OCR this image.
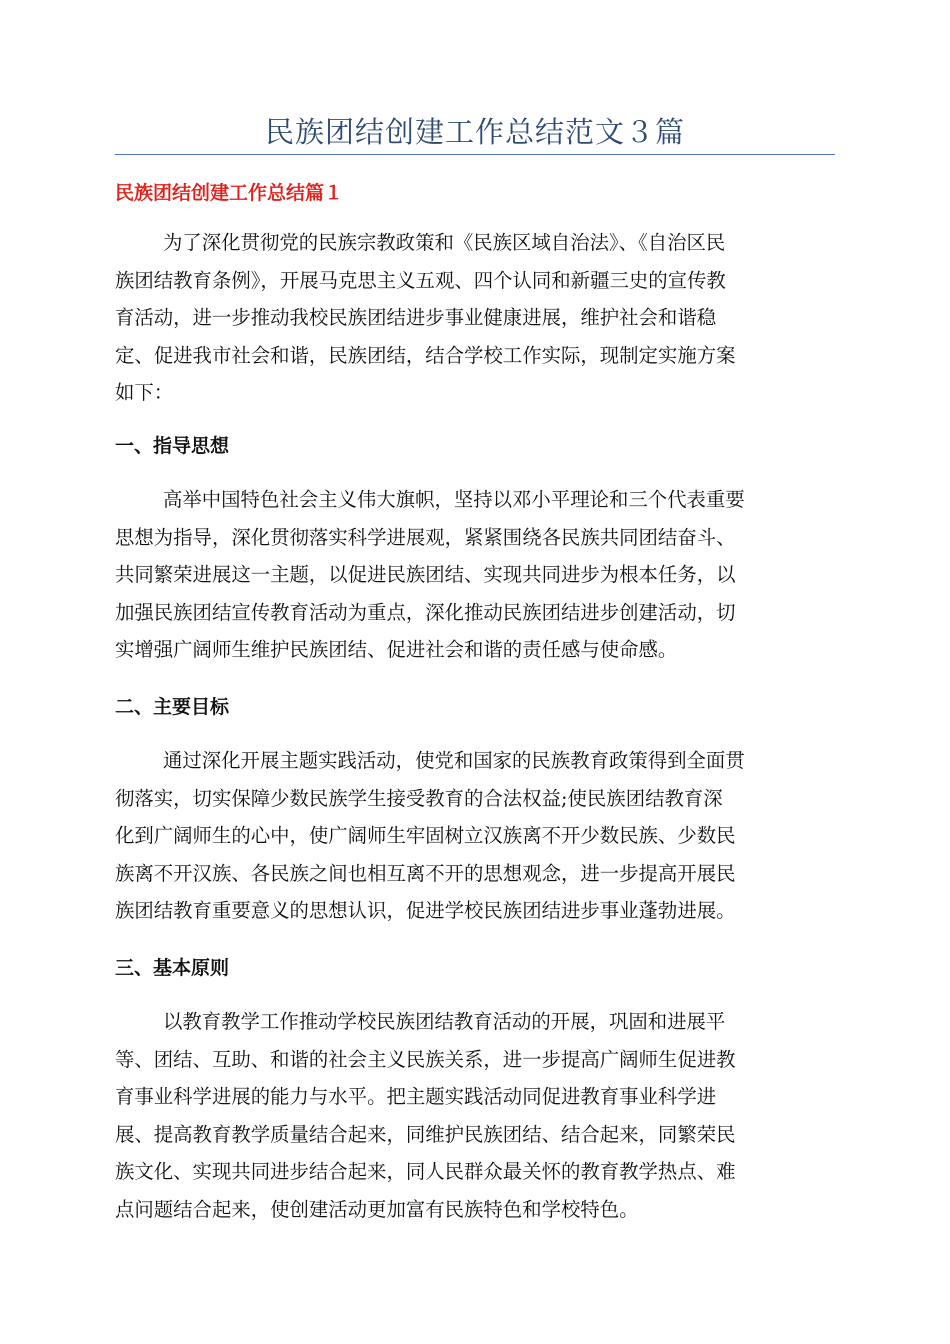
民族团结创建工作总结范文３篇
民族团结创建工作总结篇１
为了深化贯彻党的民族宗教政策和《民族区域自治法》、《自治区民
族团结教育条例》，开展马克思主义五观、四个认同和新疆三史的宣传教
育活动，进一步推动我校民族团结进步事业健康进展，维护社会和谐稳
定、促进我市社会和谐，民族团结，结合学校工作实际，现制定实施方案
如下：
一、指导思想
高举中国特色社会主义伟大旗帜，坚持以邓小平理论和三个代表重要
思想为指导，深化贯彻落实科学进展观，紧紧围绕各民族共同团结奋斗、
共同繁荣进展这一主题，以促进民族团结、实现共同进步为根本任务，以
加强民族团结宣传教育活动为重点，深化推动民族团结进步创建活动，切
实增强广阔师生维护民族团结、促进社会和谐的责任感与使命感。
二、主要目标
通过深化开展主题实践活动，使党和国家的民族教育政策得到全面贯
彻落实，切实保障少数民族学生接受教育的合法权益;使民族团结教育深
化到广阔师生的心中，使广阔师生牢固树立汉族离不开少数民族、少数民
族离不开汉族、各民族之间也相互离不开的思想观念，进一步提高开展民
族团结教育重要意义的思想认识，促进学校民族团结进步事业蓬勃进展。
三、基本原则
以教育教学工作推动学校民族团结教育活动的开展，巩固和进展平
等、团结、互助、和谐的社会主义民族关系，进一步提高广阔师生促进教
育事业科学进展的能力与水平。把主题实践活动同促进教育事业科学进
展、提高教育教学质量结合起来，同维护民族团结、结合起来，同繁荣民
族文化、实现共同进步结合起来，同人民群众最关怀的教育教学热点、难
点问题结合起来，使创建活动更加富有民族特色和学校特色。
